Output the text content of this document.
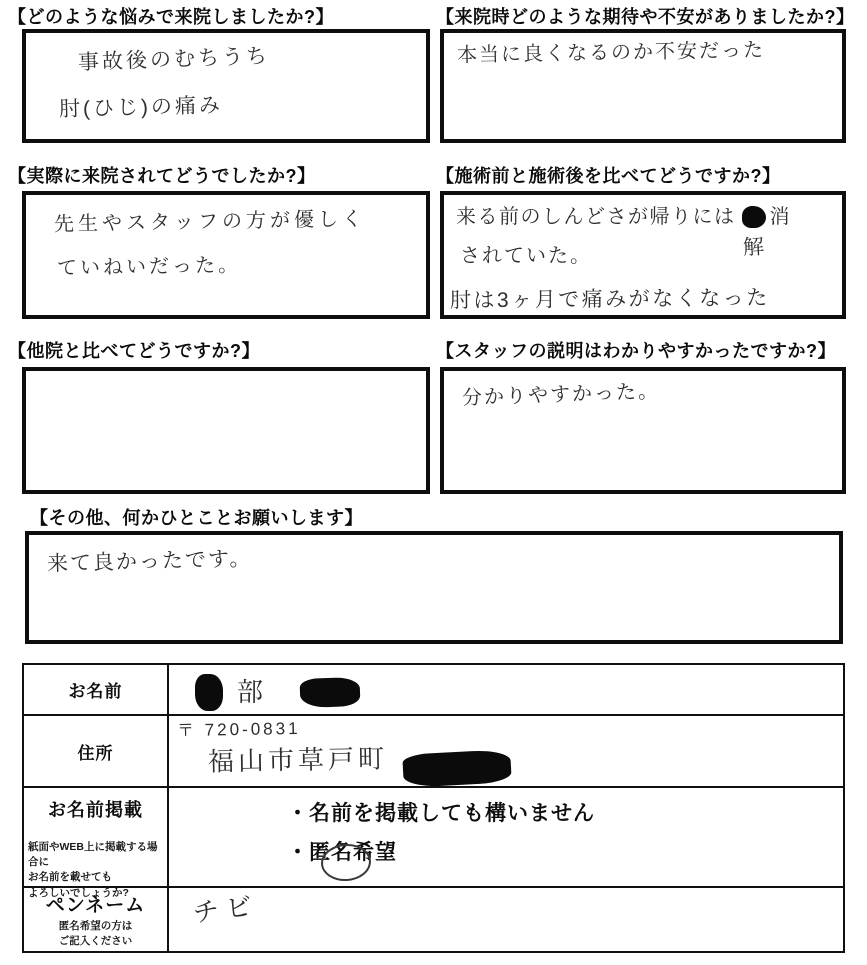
【どのような悩みで来院しましたか?】
事故後のむちうち
肘(ひじ)の痛み
【来院時どのような期待や不安がありましたか?】
本当に良くなるのか不安だった
【実際に来院されてどうでしたか?】
先生やスタッフの方が優しく
ていねいだった。
【施術前と施術後を比べてどうですか?】
来る前のしんどさが帰りには 消
解
されていた。
肘は3ヶ月で痛みがなくなった
【他院と比べてどうですか?】	【スタッフの説明はわかりやすかったですか?】
分かりやすかった。
【その他、何かひとことお願いします】
来て良かったです。
お名前	部
住所
〒 720-0831
福山市草戸町
お名前掲載
紙面やWEB上に掲載する場合に
お名前を載せても
よろしいでしょうか?
・名前を掲載しても構いません
・匿名希望
ペンネーム
匿名希望の方は
ご記入ください
チビ
